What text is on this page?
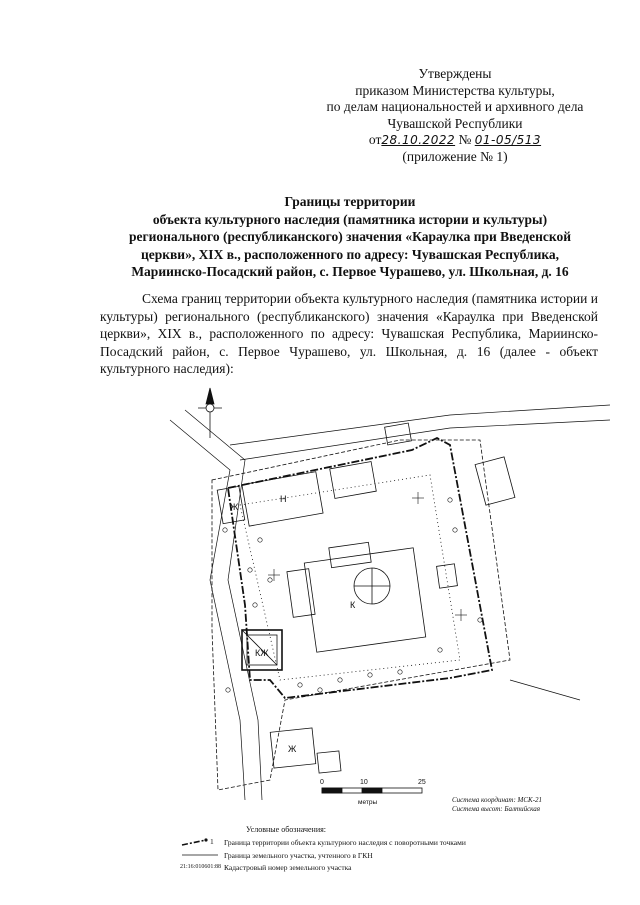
Утверждены
приказом Министерства культуры,
по делам национальностей и архивного дела
Чувашской Республики
от28.10.2022 № 01-05/513
(приложение № 1)
Границы территории
объекта культурного наследия (памятника истории и культуры)
регионального (республиканского) значения «Караулка при Введенской
церкви», XIX в., расположенного по адресу: Чувашская Республика,
Мариинско-Посадский район, с. Первое Чурашево, ул. Школьная, д. 16
Схема границ территории объекта культурного наследия (памятника истории и культуры) регионального (республиканского) значения «Караулка при Введенской церкви», XIX в., расположенного по адресу: Чувашская Республика, Мариинско-Посадский район, с. Первое Чурашево, ул. Школьная, д. 16 (далее - объект культурного наследия):
К
КЖ
Ж
Н
Ж
0	10	25
метры	Система координат: МСК-21
Система высот: Балтийская
Условные обозначения:
1 Граница территории объекта культурного наследия с поворотными точками
Граница земельного участка, учтенного в ГКН
21:16:010601:88 Кадастровый номер земельного участка
